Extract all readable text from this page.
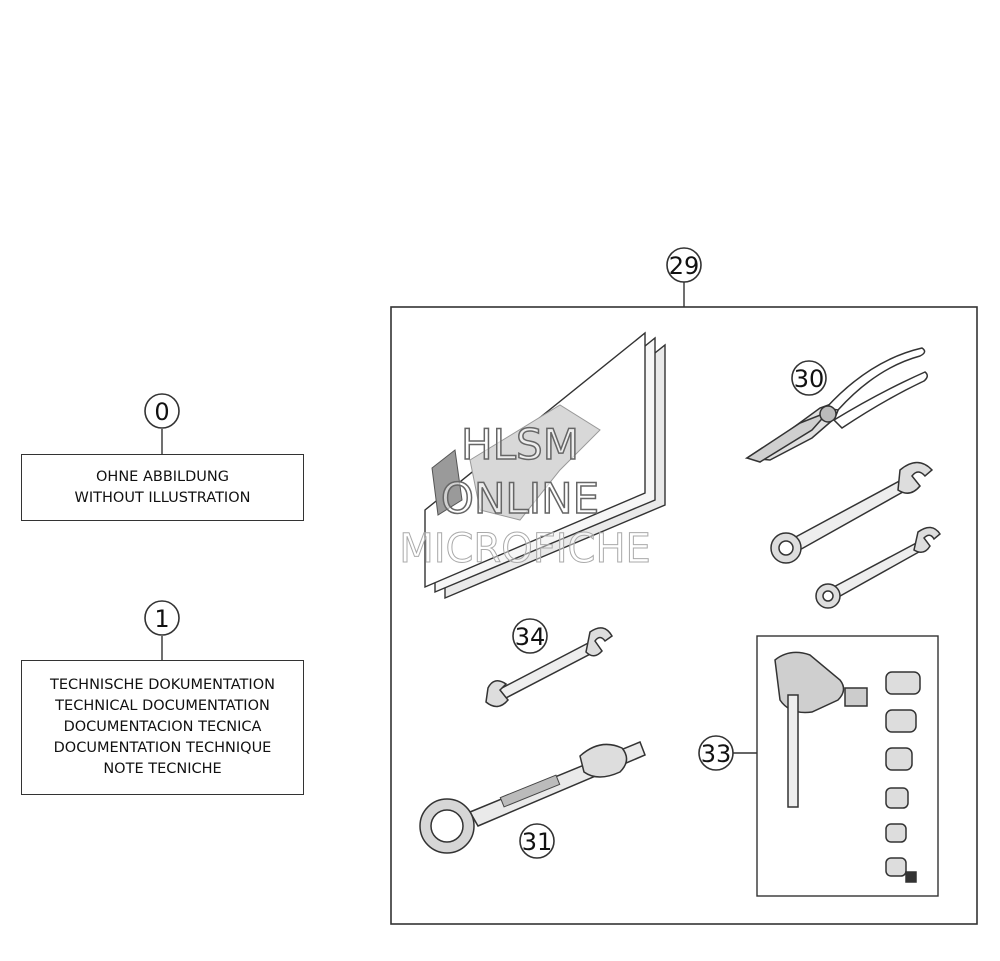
0
1
29
30
34
31
33
OHNE ABBILDUNG
WITHOUT ILLUSTRATION
TECHNISCHE DOKUMENTATION
TECHNICAL DOCUMENTATION
DOCUMENTACION TECNICA
DOCUMENTATION TECHNIQUE
NOTE TECNICHE
HLSM
ONLINE
MICROFICHE
